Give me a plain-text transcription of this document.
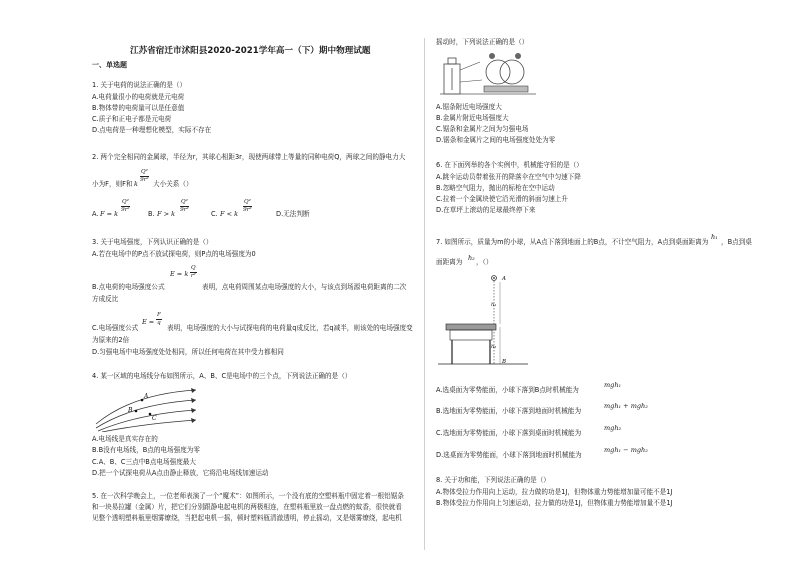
江苏省宿迁市沭阳县2020-2021学年高一（下）期中物理试题
一、单选题
1. 关于电荷的说法正确的是（）
A.电荷量很小的电荷就是元电荷
B.物体带的电荷量可以是任意值
C.质子和正电子都是元电荷
D.点电荷是一种理想化模型，实际不存在
2. 两个完全相同的金属球，半径为r，其球心相距3r，现使两球带上等量的同种电荷Q，两球之间的静电力大
小为F，则F和 k $\frac{\text{Q²}}{\text{9r²}}$ 大小关系（）
A. F = k $\frac{\text{Q²}}{\text{9r²}}$	B. F > k $\frac{\text{Q²}}{\text{9r²}}$	C. F < k $\frac{\text{Q²}}{\text{9r²}}$	D.无法判断
3. 关于电场强度，下列认识正确的是（）
A.若在电场中的P点不放试探电荷，则P点的电场强度为0
E = k $\frac{Q}{\text{r²}}$
B.点电荷的电场强度公式	表明，点电荷周围某点电场强度的大小，与该点到场源电荷距离的二次
方成反比
$E = \frac{F}{q}$
C.电场强度公式	表明，电场强度的大小与试探电荷的电荷量q成反比，若q减半，则该处的电场强度变
为原来的2倍
D.匀强电场中电场强度处处相同，所以任何电荷在其中受力都相同
4. 某一区域的电场线分布如图所示，A、B、C是电场中的三个点，下列说法正确的是（）
A
B
C
A.电场线是真实存在的
B.B没有电场线，B点的电场强度为零
C.A、B、C三点中B点电场强度最大
D.把一个试探电荷从A点由静止释放，它将沿电场线加速运动
5. 在一次科学晚会上，一位老师表演了一个“魔术”：如图所示，一个没有底的空塑料瓶中固定着一根铝锯条
和一块易拉罐（金属）片，把它们分别跟静电起电机的两极相连，在塑料瓶里放一盘点燃的蚊香，很快就看
见整个透明塑料瓶里烟雾缭绕，当把起电机一摇，顿时塑料瓶清澈透明，停止摇动，又是烟雾缭绕，起电机
摇动时，下列说法正确的是（）
A.锯条附近电场强度大
B.金属片附近电场强度大
C.锯条和金属片之间为匀强电场
D.锯条和金属片之间的电场强度处处为零
6. 在下面列举的各个实例中，机械能守恒的是（）
A.跳伞运动员带着张开的降落伞在空气中匀速下降
B.忽略空气阻力，抛出的标枪在空中运动
C.拉着一个金属块使它沿光滑的斜面匀速上升
D.在草坪上滚动的足球最终停下来
7. 如图所示，质量为m的小球，从A点下落到地面上的B点，不计空气阻力，A点到桌面距离为
h₁
，B点到桌
面距离为 h₂ ，（）
A
B
h₁
h₂
A.选桌面为零势能面，小球下落到B点时机械能为
mgh₁
B.选地面为零势能面，小球下落到地面时机械能为
mgh₁ + mgh₂
C.选地面为零势能面，小球下落到桌面时机械能为
mgh₂
D.选桌面为零势能面，小球下落到地面时机械能为
mgh₁ − mgh₂
8. 关于功和能，下列说法正确的是（）
A.物体受拉力作用向上运动，拉力做的功是1J，但物体重力势能增加量可能不是1J
B.物体受拉力作用向上匀速运动，拉力做的功是1J，但物体重力势能增加量不是1J
